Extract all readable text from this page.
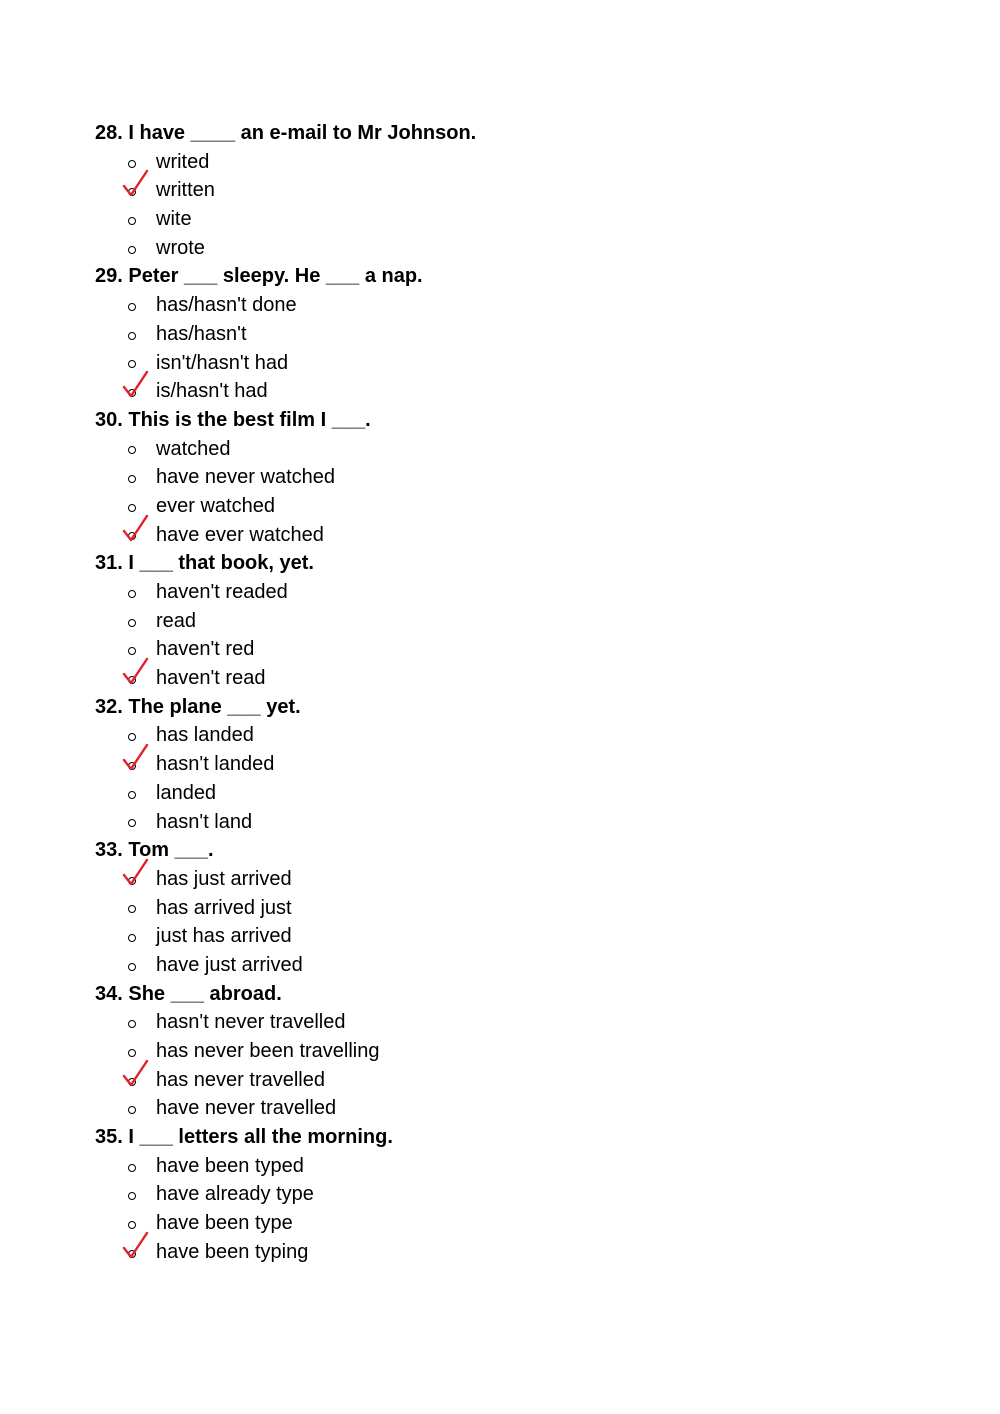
28. I have ____ an e-mail to Mr Johnson.
writed
written
wite
wrote
29. Peter ___ sleepy. He ___ a nap.
has/hasn't done
has/hasn't
isn't/hasn't had
is/hasn't had
30. This is the best film I ___.
watched
have never watched
ever watched
have ever watched
31. I ___ that book, yet.
haven't readed
read
haven't red
haven't read
32. The plane ___ yet.
has landed
hasn't landed
landed
hasn't land
33. Tom ___.
has just arrived
has arrived just
just has arrived
have just arrived
34. She ___ abroad.
hasn't never travelled
has never been travelling
has never travelled
have never travelled
35. I ___ letters all the morning.
have been typed
have already type
have been type
have been typing
